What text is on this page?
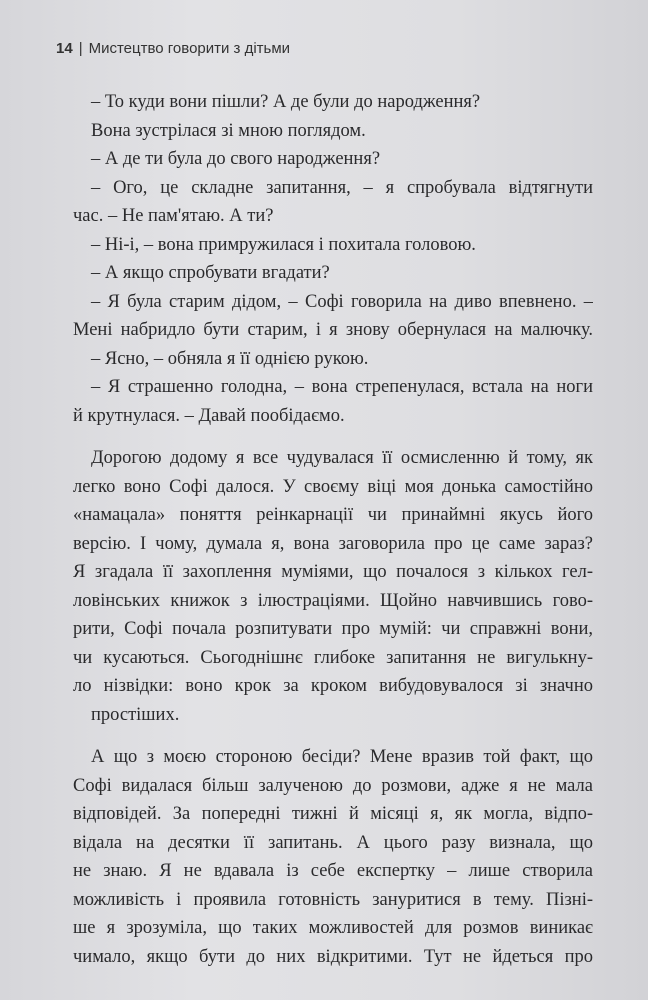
14 | Мистецтво говорити з дітьми
– То куди вони пішли? А де були до народження?
Вона зустрілася зі мною поглядом.
– А де ти була до свого народження?
– Ого, це складне запитання, – я спробувала відтягнути
час. – Не пам'ятаю. А ти?
– Ні-і, – вона примружилася і похитала головою.
– А якщо спробувати вгадати?
– Я була старим дідом, – Софі говорила на диво впевнено. –
Мені набридло бути старим, і я знову обернулася на малючку.
– Ясно, – обняла я її однією рукою.
– Я страшенно голодна, – вона стрепенулася, встала на ноги
й крутнулася. – Давай пообідаємо.
Дорогою додому я все чудувалася її осмисленню й тому, як
легко воно Софі далося. У своєму віці моя донька самостійно
«намацала» поняття реінкарнації чи принаймні якусь його
версію. І чому, думала я, вона заговорила про це саме зараз?
Я згадала її захоплення муміями, що почалося з кількох гел-
ловінських книжок з ілюстраціями. Щойно навчившись гово-
рити, Софі почала розпитувати про мумій: чи справжні вони,
чи кусаються. Сьогоднішнє глибоке запитання не вигулькну-
ло нізвідки: воно крок за кроком вибудовувалося зі значно
простіших.
А що з моєю стороною бесіди? Мене вразив той факт, що
Софі видалася більш залученою до розмови, адже я не мала
відповідей. За попередні тижні й місяці я, як могла, відпо-
відала на десятки її запитань. А цього разу визнала, що
не знаю. Я не вдавала із себе експертку – лише створила
можливість і проявила готовність зануритися в тему. Пізні-
ше я зрозуміла, що таких можливостей для розмов виникає
чимало, якщо бути до них відкритими. Тут не йдеться про
